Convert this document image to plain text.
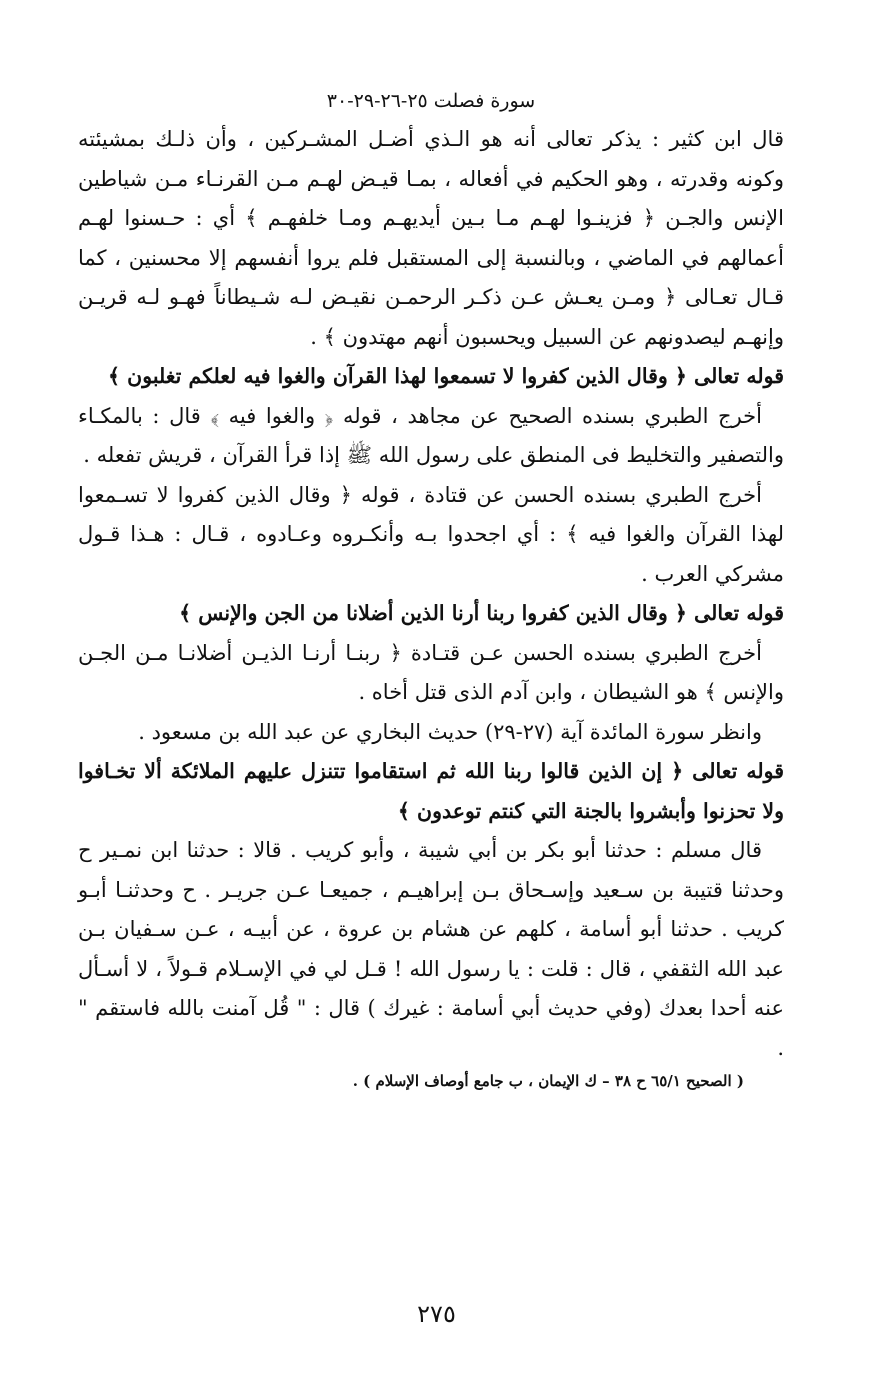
سورة فصلت ٢٥-٢٦-٢٩-٣٠

قال ابن كثير : يذكر تعالى أنه هو الـذي أضـل المشـركين ، وأن ذلـك بمشيئته وكونه وقدرته ، وهو الحكيم في أفعاله ، بمـا قيـض لهـم مـن القرنـاء مـن شياطين الإنس والجـن ﴿ فزينـوا لهـم مـا بـين أيديهـم ومـا خلفهـم ﴾ أي : حـسنوا لهـم أعمالهم في الماضي ، وبالنسبة إلى المستقبل فلم يروا أنفسهم إلا محسنين ، كما قـال تعـالى ﴿ ومـن يعـش عـن ذكـر الرحمـن نقيـض لـه شـيطاناً فهـو لـه قريـن وإنهـم ليصدونهم عن السبيل ويحسبون أنهم مهتدون ﴾ .

قوله تعالى ﴿ وقال الذين كفروا لا تسمعوا لهذا القرآن والغوا فيه لعلكم تغلبون ﴾

أخرج الطبري بسنده الصحيح عن مجاهد ، قوله ﴿ والغوا فيه ﴾ قال : بالمكـاء والتصفير والتخليط فى المنطق على رسول الله ﷺ إذا قرأ القرآن ، قريش تفعله .

أخرج الطبري بسنده الحسن عن قتادة ، قوله ﴿ وقال الذين كفروا لا تسـمعوا لهذا القرآن والغوا فيه ﴾ : أي اجحدوا بـه وأنكـروه وعـادوه ، قـال : هـذا قـول مشركي العرب .

قوله تعالى ﴿ وقال الذين كفروا ربنا أرنا الذين أضلانا من الجن والإنس ﴾

أخرج الطبري بسنده الحسن عـن قتـادة ﴿ ربنـا أرنـا الذيـن أضلانـا مـن الجـن والإنس ﴾ هو الشيطان ، وابن آدم الذى قتل أخاه .

وانظر سورة المائدة آية (٢٧-٢٩) حديث البخاري عن عبد الله بن مسعود .

قوله تعالى ﴿ إن الذين قالوا ربنا الله ثم استقاموا تتنزل عليهم الملائكة ألا تخـافوا ولا تحزنوا وأبشروا بالجنة التي كنتم توعدون ﴾

قال مسلم : حدثنا أبو بكر بن أبي شيبة ، وأبو كريب . قالا : حدثنا ابن نمـير ح وحدثنا قتيبة بن سـعيد وإسـحاق بـن إبراهيـم ، جميعـا عـن جريـر . ح وحدثنـا أبـو كريب . حدثنا أبو أسامة ، كلهم عن هشام بن عروة ، عن أبيـه ، عـن سـفيان بـن عبد الله الثقفي ، قال : قلت : يا رسول الله ! قـل لي في الإسـلام قـولاً ، لا أسـأل عنه أحدا بعدك (وفي حديث أبي أسامة : غيرك ) قال : " قُل آمنت بالله فاستقم " .

( الصحيح ٦٥/١ ح ٣٨ – ك الإيمان ، ب جامع أوصاف الإسلام ) .

٢٧٥
